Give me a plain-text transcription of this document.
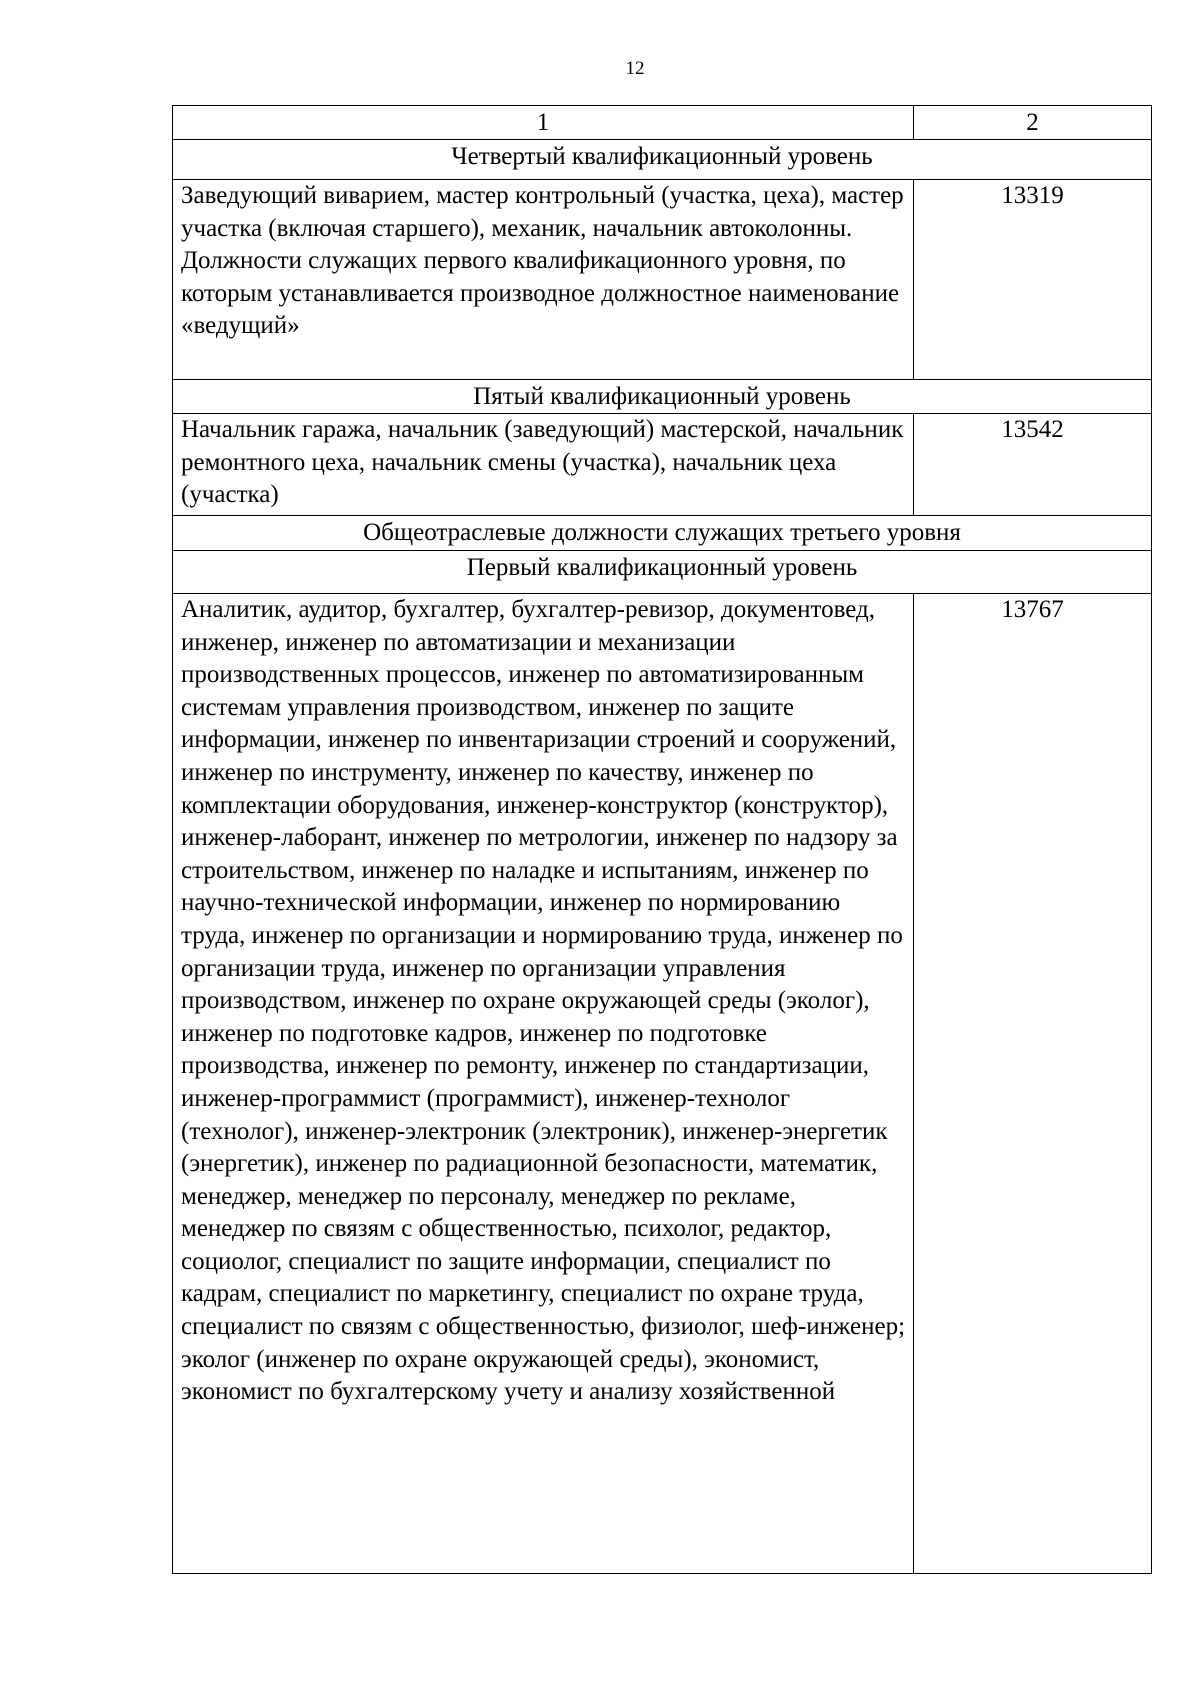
12
1	2
Четвертый квалификационный уровень	

Заведующий виварием, мастер контрольный (участка, цеха), мастер участка (включая старшего), механик, начальник автоколонны.
Должности служащих первого квалификационного уровня, по которым устанавливается производное должностное наименование «ведущий»	13319
Пятый квалификационный уровень	

Начальник гаража, начальник (заведующий) мастерской, начальник ремонтного цеха, начальник смены (участка), начальник цеха (участка)	13542
Общеотраслевые должности служащих третьего уровня	
Первый квалификационный уровень	

Аналитик, аудитор, бухгалтер, бухгалтер-ревизор, документовед, инженер, инженер по автоматизации и механизации производственных процессов, инженер по автоматизированным системам управления производством, инженер по защите информации, инженер по инвентаризации строений и сооружений, инженер по инструменту, инженер по качеству, инженер по комплектации оборудования, инженер-конструктор (конструктор), инженер-лаборант, инженер по метрологии, инженер по надзору за строительством, инженер по наладке и испытаниям, инженер по научно-технической информации, инженер по нормированию труда, инженер по организации и нормированию труда, инженер по организации труда, инженер по организации управления производством, инженер по охране окружающей среды (эколог), инженер по подготовке кадров, инженер по подготовке производства, инженер по ремонту, инженер по стандартизации, инженер-программист (программист), инженер-технолог (технолог), инженер-электроник (электроник), инженер-энергетик (энергетик), инженер по радиационной безопасности, математик, менеджер, менеджер по персоналу, менеджер по рекламе, менеджер по связям с общественностью, психолог, редактор, социолог, специалист по защите информации, специалист по кадрам, специалист по маркетингу, специалист по охране труда, специалист по связям с общественностью, физиолог, шеф-инженер; эколог (инженер по охране окружающей среды), экономист, экономист по бухгалтерскому учету и анализу хозяйственной	13767
